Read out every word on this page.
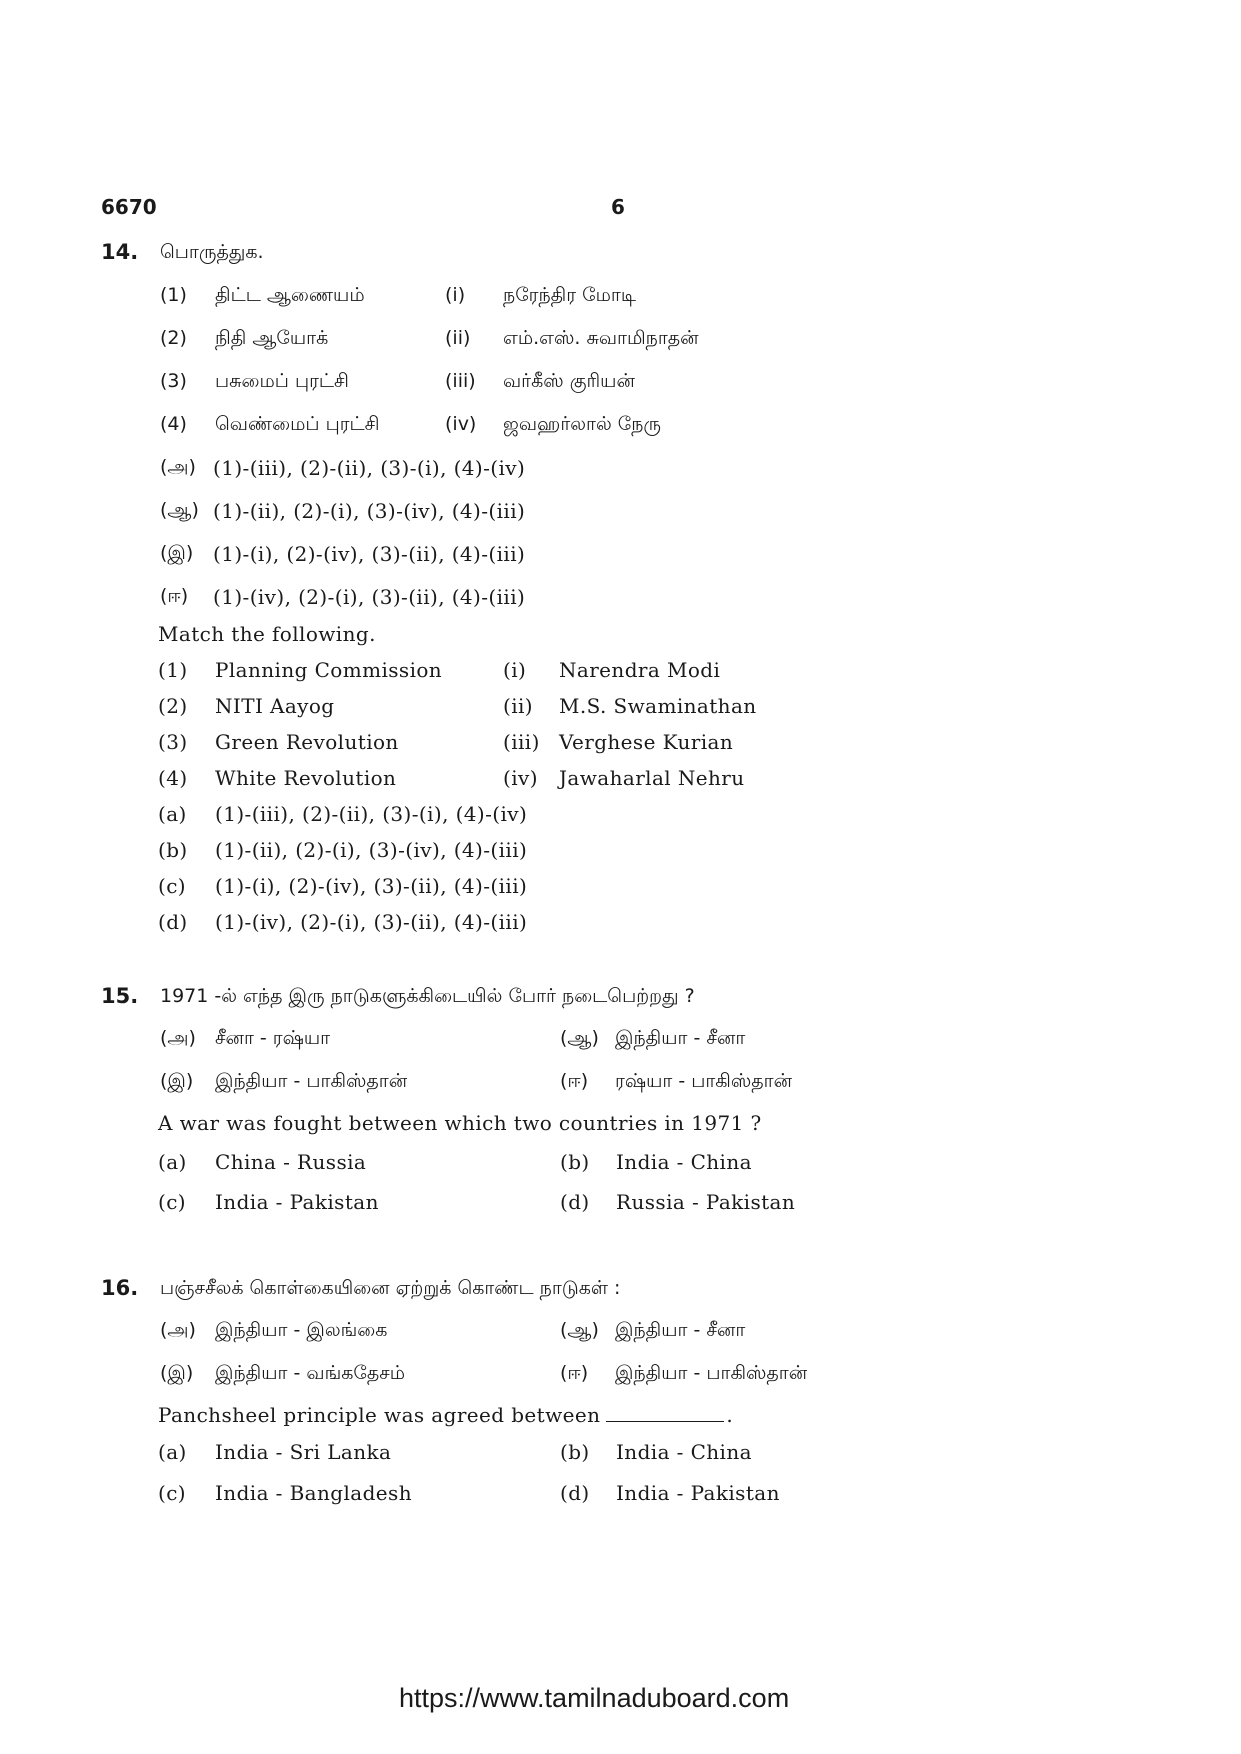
6670	6
14. பொருத்துக.
(1) திட்ட ஆணையம்	(i) நரேந்திர மோடி
(2) நிதி ஆயோக்	(ii) எம்.எஸ். சுவாமிநாதன்
(3) பசுமைப் புரட்சி	(iii) வர்கீஸ் குரியன்
(4) வெண்மைப் புரட்சி	(iv) ஜவஹர்லால் நேரு
(அ) (1)-(iii), (2)-(ii), (3)-(i), (4)-(iv)
(ஆ) (1)-(ii), (2)-(i), (3)-(iv), (4)-(iii)
(இ) (1)-(i), (2)-(iv), (3)-(ii), (4)-(iii)
(ஈ) (1)-(iv), (2)-(i), (3)-(ii), (4)-(iii)
Match the following.
(1) Planning Commission	(i) Narendra Modi
(2) NITI Aayog	(ii) M.S. Swaminathan
(3) Green Revolution	(iii) Verghese Kurian
(4) White Revolution	(iv) Jawaharlal Nehru
(a) (1)-(iii), (2)-(ii), (3)-(i), (4)-(iv)
(b) (1)-(ii), (2)-(i), (3)-(iv), (4)-(iii)
(c) (1)-(i), (2)-(iv), (3)-(ii), (4)-(iii)
(d) (1)-(iv), (2)-(i), (3)-(ii), (4)-(iii)
15. 1971 -ல் எந்த இரு நாடுகளுக்கிடையில் போர் நடைபெற்றது ?
(அ) சீனா - ரஷ்யா	(ஆ) இந்தியா - சீனா
(இ) இந்தியா - பாகிஸ்தான்	(ஈ) ரஷ்யா - பாகிஸ்தான்
A war was fought between which two countries in 1971 ?
(a) China - Russia	(b) India - China
(c) India - Pakistan	(d) Russia - Pakistan
16. பஞ்சசீலக் கொள்கையினை ஏற்றுக் கொண்ட நாடுகள் :
(அ) இந்தியா - இலங்கை	(ஆ) இந்தியா - சீனா
(இ) இந்தியா - வங்கதேசம்	(ஈ) இந்தியா - பாகிஸ்தான்
Panchsheel principle was agreed between	.
(a) India - Sri Lanka	(b) India - China
(c) India - Bangladesh	(d) India - Pakistan
https://www.tamilnaduboard.com
